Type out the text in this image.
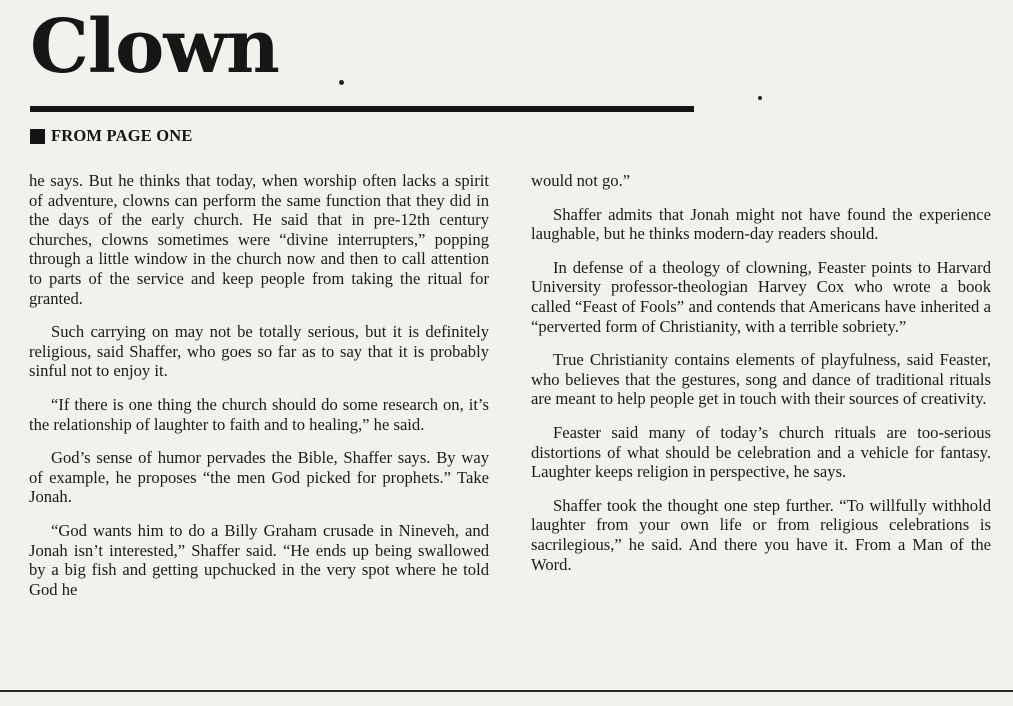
Clown
FROM PAGE ONE

he says. But he thinks that today, when worship often lacks a spirit of adventure, clowns can perform the same function that they did in the days of the early church. He said that in pre-12th century churches, clowns sometimes were “divine interrupters,” popping through a little window in the church now and then to call attention to parts of the service and keep people from taking the ritual for granted.

Such carrying on may not be totally serious, but it is definitely religious, said Shaffer, who goes so far as to say that it is probably sinful not to enjoy it.

“If there is one thing the church should do some research on, it’s the relationship of laughter to faith and to healing,” he said.

God’s sense of humor pervades the Bible, Shaffer says. By way of example, he proposes “the men God picked for prophets.” Take Jonah.

“God wants him to do a Billy Graham crusade in Nineveh, and Jonah isn’t interested,” Shaffer said. “He ends up being swallowed by a big fish and getting upchucked in the very spot where he told God he

would not go.”

Shaffer admits that Jonah might not have found the experience laughable, but he thinks modern-day readers should.

In defense of a theology of clowning, Feaster points to Harvard University professor-theologian Harvey Cox who wrote a book called “Feast of Fools” and contends that Americans have inherited a “perverted form of Christianity, with a terrible sobriety.”

True Christianity contains elements of playfulness, said Feaster, who believes that the gestures, song and dance of traditional rituals are meant to help people get in touch with their sources of creativity.

Feaster said many of today’s church rituals are too-serious distortions of what should be celebration and a vehicle for fantasy. Laughter keeps religion in perspective, he says.

Shaffer took the thought one step further. “To willfully withhold laughter from your own life or from religious celebrations is sacrilegious,” he said. And there you have it. From a Man of the Word.
